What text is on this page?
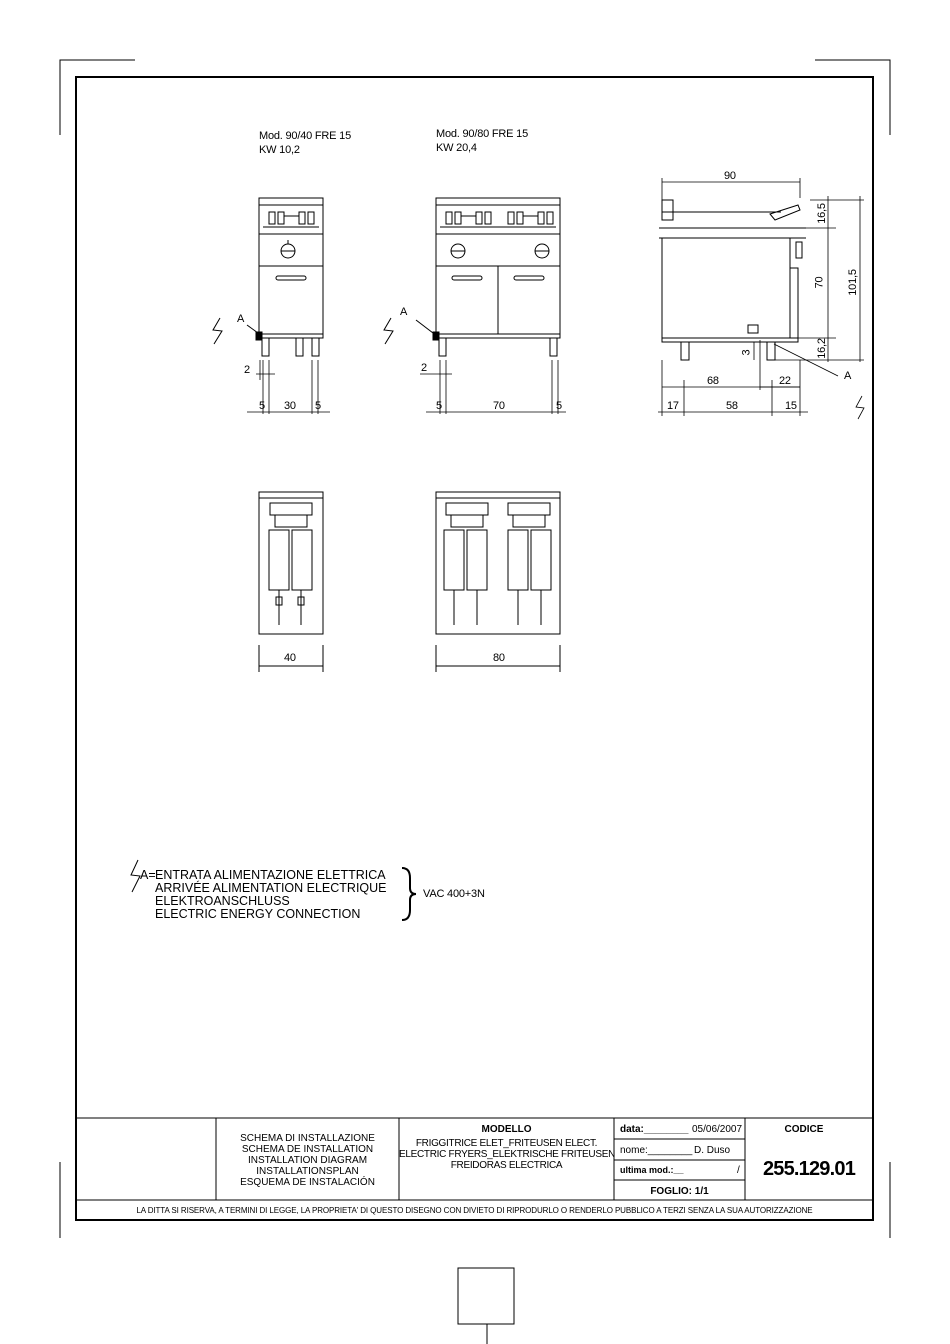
Mod. 90/40 FRE 15
KW 10,2
Mod. 90/80 FRE 15
KW 20,4
5 30 5
2
A
5	70	5
2
A
90
16,5
70
16,2
101,5
3
68	22
17	58	15
A
40	80
A= ENTRATA ALIMENTAZIONE ELETTRICA
ARRIVÉE ALIMENTATION ELECTRIQUE
ELEKTROANSCHLUSS
ELECTRIC ENERGY CONNECTION
VAC 400+3N
SCHEMA DI INSTALLAZIONE
SCHEMA DE INSTALLATION
INSTALLATION DIAGRAM
INSTALLATIONSPLAN
ESQUEMA DE INSTALACIÓN
MODELLO
FRIGGITRICE ELET_FRITEUSEN ELECT.
ELECTRIC FRYERS_ELEKTRISCHE FRITEUSEN
FREIDORAS ELECTRICA
data:________ 05/06/2007
nome:________ D. Duso
ultima mod.:__	/
FOGLIO: 1/1
CODICE
255.129.01
LA DITTA SI RISERVA, A TERMINI DI LEGGE, LA PROPRIETA' DI QUESTO DISEGNO CON DIVIETO DI RIPRODURLO O RENDERLO PUBBLICO A TERZI SENZA LA SUA AUTORIZZAZIONE
